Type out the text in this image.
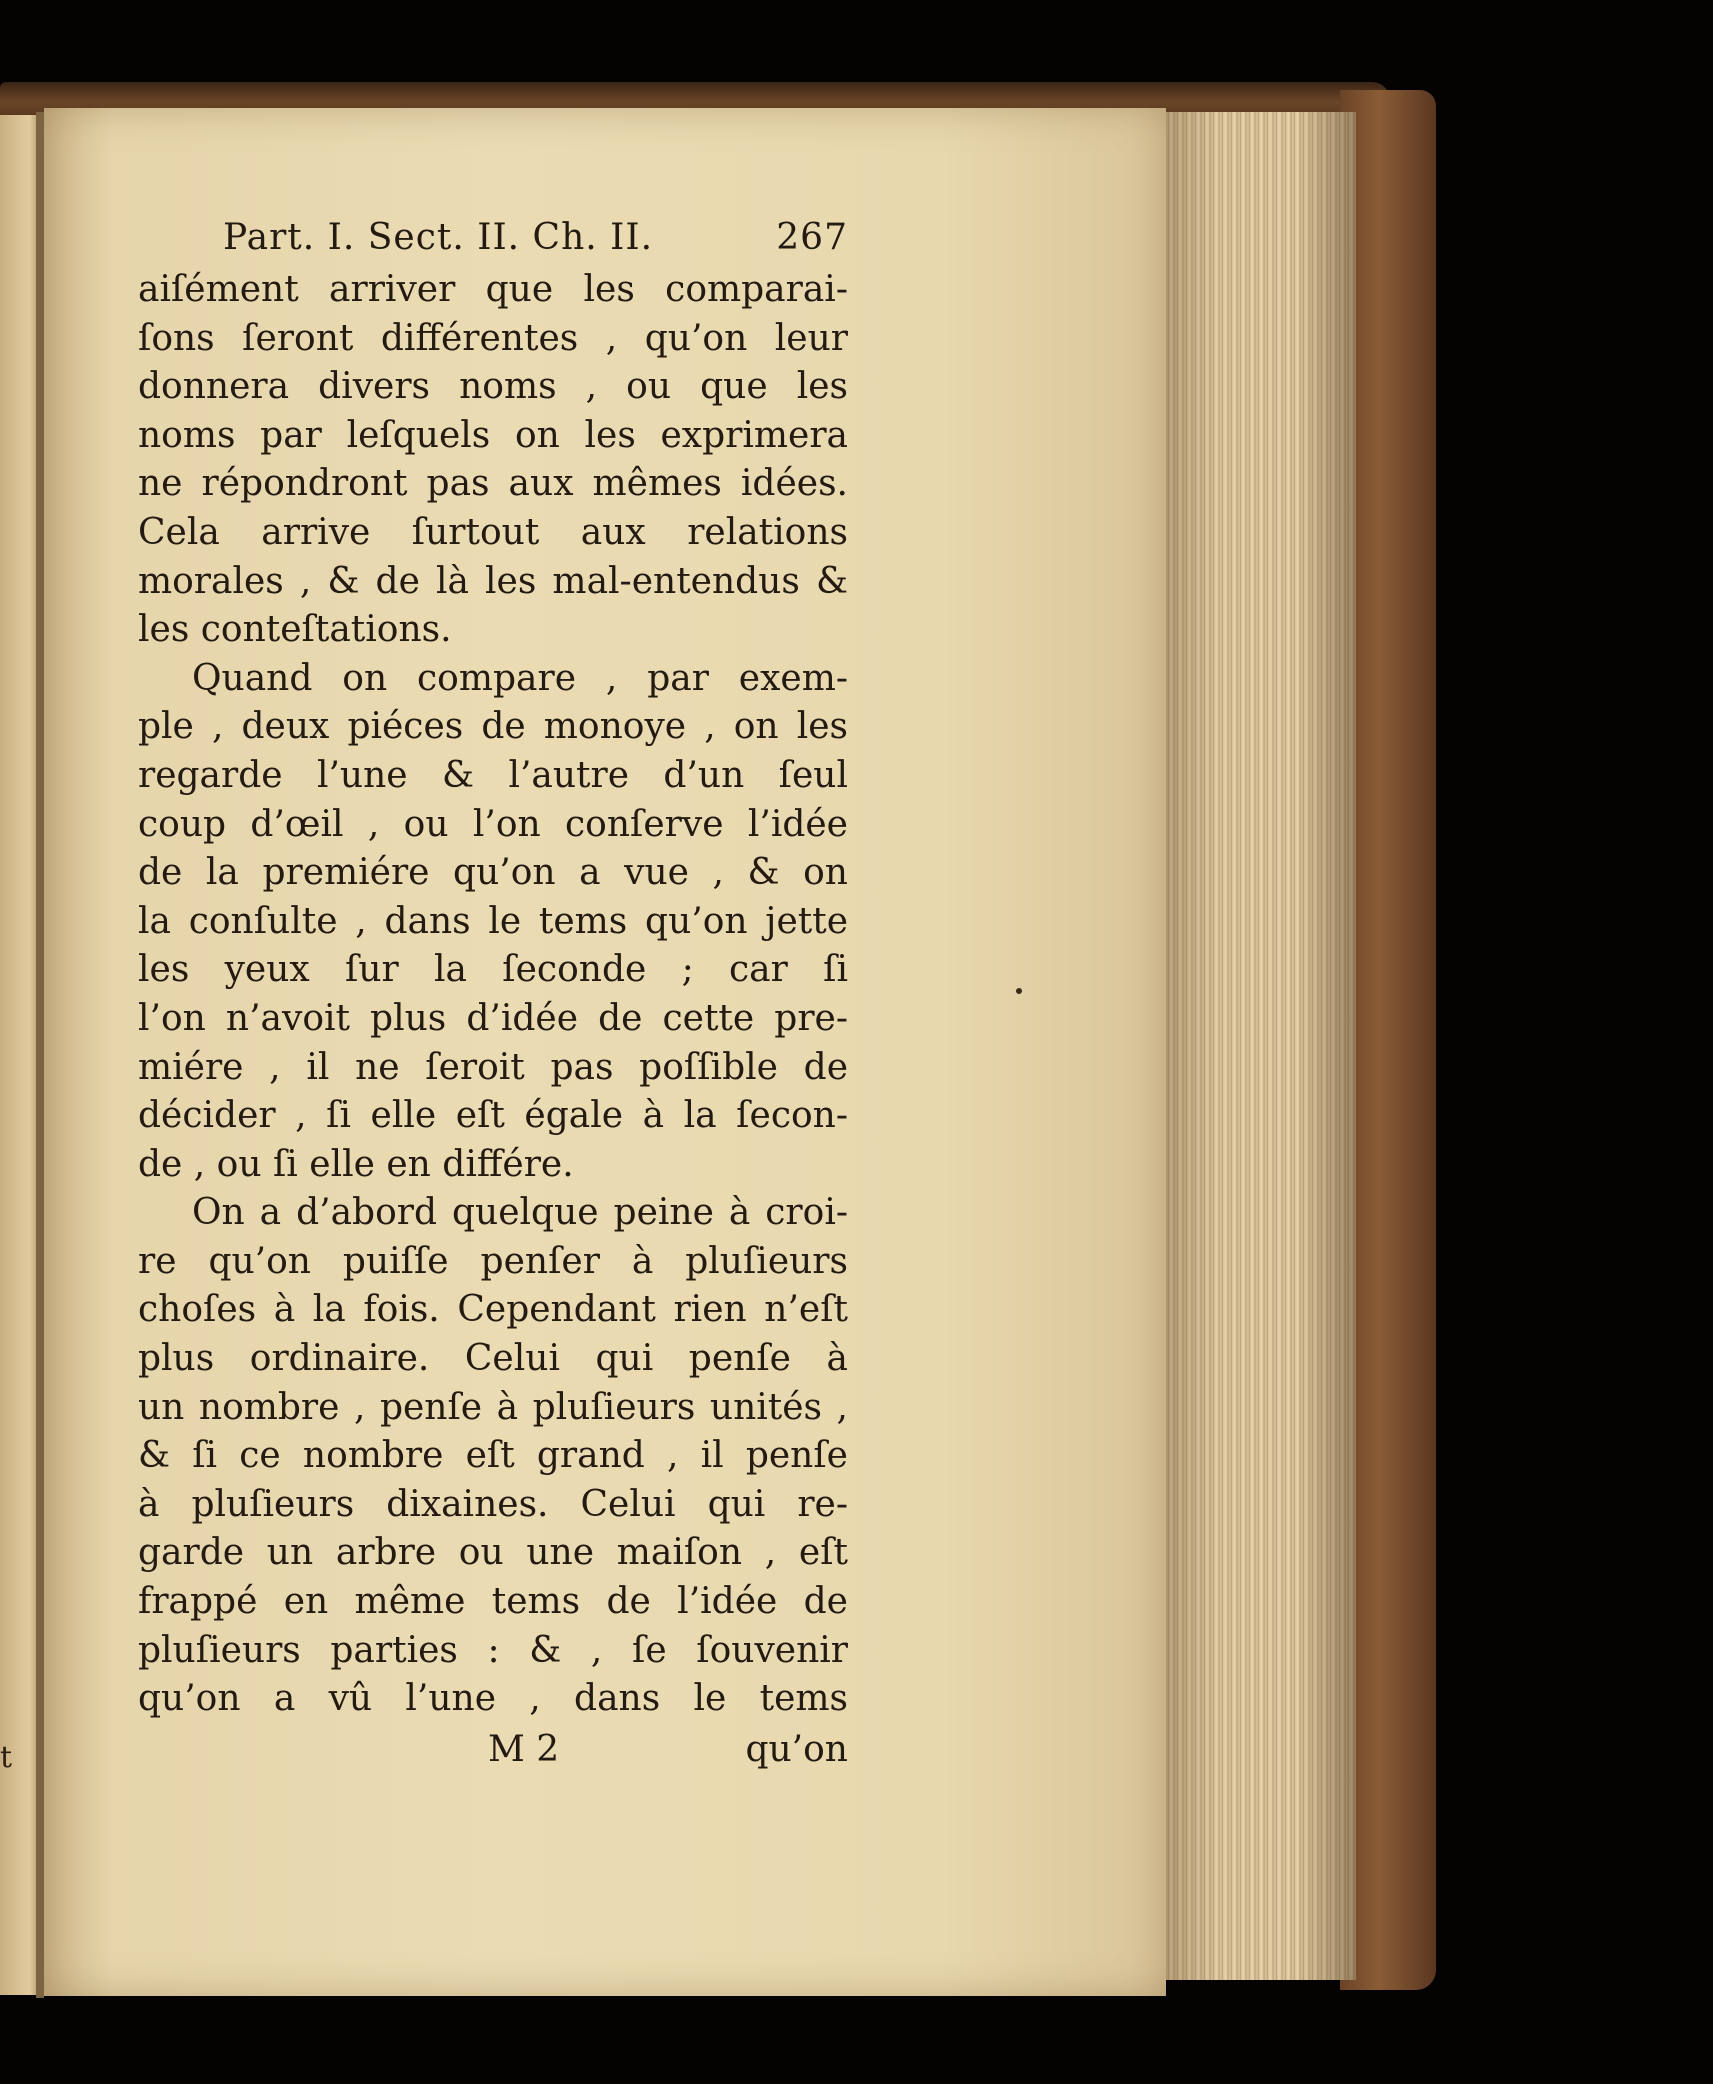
t
Part. I. Sect. II. Ch. II.	267
aiſément arriver que les comparai-
ſons ſeront différentes , qu’on leur
donnera divers noms , ou que les
noms par leſquels on les exprimera
ne répondront pas aux mêmes idées.
Cela arrive ſurtout aux relations
morales , & de là les mal-entendus &
les conteſtations.
Quand on compare , par exem-
ple , deux piéces de monoye , on les
regarde l’une & l’autre d’un ſeul
coup d’œil , ou l’on conſerve l’idée
de la premiére qu’on a vue , & on
la conſulte , dans le tems qu’on jette
les yeux ſur la ſeconde ; car ſi
l’on n’avoit plus d’idée de cette pre-
miére , il ne ſeroit pas poſſible de
décider , ſi elle eſt égale à la ſecon-
de , ou ſi elle en différe.
On a d’abord quelque peine à croi-
re qu’on puiſſe penſer à pluſieurs
choſes à la fois. Cependant rien n’eſt
plus ordinaire. Celui qui penſe à
un nombre , penſe à pluſieurs unités ,
& ſi ce nombre eſt grand , il penſe
à pluſieurs dixaines. Celui qui re-
garde un arbre ou une maiſon , eſt
frappé en même tems de l’idée de
pluſieurs parties : & , ſe ſouvenir
qu’on a vû l’une , dans le tems
M 2	qu’on
